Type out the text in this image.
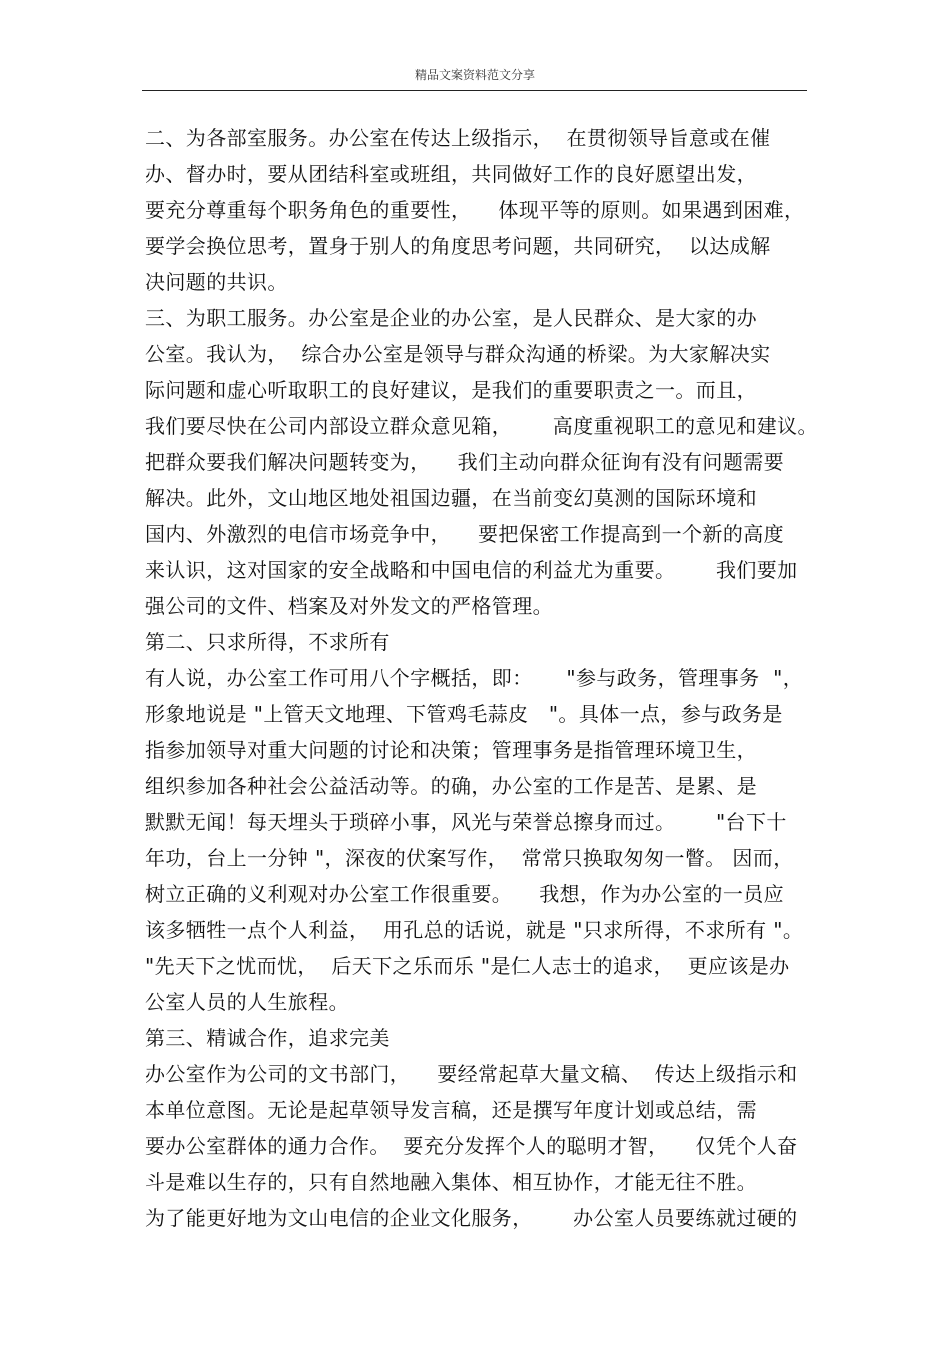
精品文案资料范文分享
二、为各部室服务。办公室在传达上级指示，  在贯彻领导旨意或在催
办、督办时，要从团结科室或班组，共同做好工作的良好愿望出发，
要充分尊重每个职务角色的重要性，    体现平等的原则。如果遇到困难，
要学会换位思考，置身于别人的角度思考问题，共同研究，  以达成解
决问题的共识。
三、为职工服务。办公室是企业的办公室，是人民群众、是大家的办
公室。我认为，  综合办公室是领导与群众沟通的桥梁。为大家解决实
际问题和虚心听取职工的良好建议，是我们的重要职责之一。而且，
我们要尽快在公司内部设立群众意见箱，      高度重视职工的意见和建议。
把群众要我们解决问题转变为，    我们主动向群众征询有没有问题需要
解决。此外，文山地区地处祖国边疆，在当前变幻莫测的国际环境和
国内、外激烈的电信市场竞争中，    要把保密工作提高到一个新的高度
来认识，这对国家的安全战略和中国电信的利益尤为重要。      我们要加
强公司的文件、档案及对外发文的严格管理。
第二、只求所得，不求所有
有人说，办公室工作可用八个字概括，即：     "参与政务，管理事务  "，
形象地说是 "上管天文地理、下管鸡毛蒜皮   "。具体一点，参与政务是
指参加领导对重大问题的讨论和决策；管理事务是指管理环境卫生，
组织参加各种社会公益活动等。的确，办公室的工作是苦、是累、是
默默无闻！每天埋头于琐碎小事，风光与荣誉总擦身而过。      "台下十
年功，台上一分钟 "，深夜的伏案写作，  常常只换取匆匆一瞥。 因而，
树立正确的义利观对办公室工作很重要。    我想，作为办公室的一员应
该多牺牲一点个人利益，  用孔总的话说，就是 "只求所得，不求所有 "。
"先天下之忧而忧，  后天下之乐而乐 "是仁人志士的追求，  更应该是办
公室人员的人生旅程。
第三、精诚合作，追求完美
办公室作为公司的文书部门，    要经常起草大量文稿、  传达上级指示和
本单位意图。无论是起草领导发言稿，还是撰写年度计划或总结，需
要办公室群体的通力合作。  要充分发挥个人的聪明才智，    仅凭个人奋
斗是难以生存的，只有自然地融入集体、相互协作，才能无往不胜。
为了能更好地为文山电信的企业文化服务，      办公室人员要练就过硬的
